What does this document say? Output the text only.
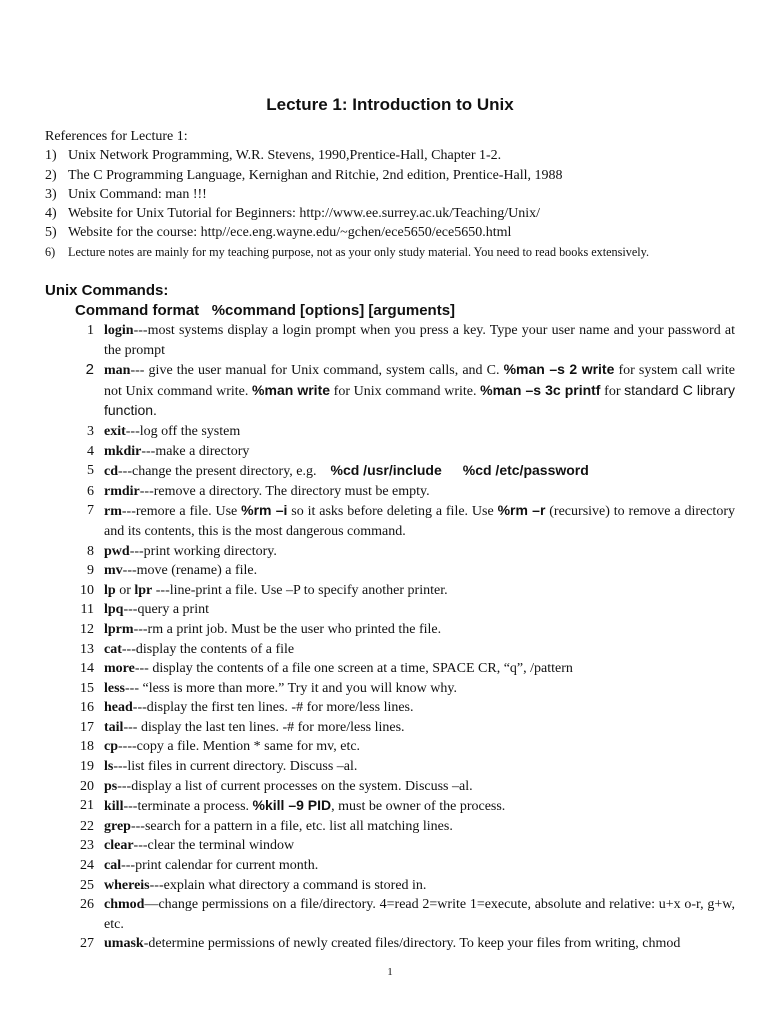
Lecture 1: Introduction to Unix
References for Lecture 1:
1) Unix Network Programming, W.R. Stevens, 1990,Prentice-Hall, Chapter 1-2.
2) The C Programming Language, Kernighan and Ritchie, 2nd edition, Prentice-Hall, 1988
3) Unix Command: man !!!
4) Website for Unix Tutorial for Beginners: http://www.ee.surrey.ac.uk/Teaching/Unix/
5) Website for the course: http//ece.eng.wayne.edu/~gchen/ece5650/ece5650.html
6)	Lecture notes are mainly for my teaching purpose, not as your only study material. You need to read books extensively.
Unix Commands:
Command format %command [options] [arguments]
1 login---most systems display a login prompt when you press a key. Type your user name and your password at the prompt
2 man--- give the user manual for Unix command, system calls, and C. %man –s 2 write for system call write not Unix command write. %man write for Unix command write. %man –s 3c printf for standard C library function.
3 exit---log off the system
4 mkdir---make a directory
5 cd---change the present directory, e.g.    %cd /usr/include %cd /etc/password
6 rmdir---remove a directory. The directory must be empty.
7 rm---remore a file. Use %rm –i so it asks before deleting a file. Use %rm –r (recursive) to remove a directory and its contents, this is the most dangerous command.
8 pwd---print working directory.
9 mv---move (rename) a file.
10 lp or lpr ---line-print a file. Use –P to specify another printer.
11 lpq---query a print
12 lprm---rm a print job. Must be the user who printed the file.
13 cat---display the contents of a file
14 more--- display the contents of a file one screen at a time, SPACE CR, “q”, /pattern
15 less--- “less is more than more.” Try it and you will know why.
16 head---display the first ten lines. -# for more/less lines.
17 tail--- display the last ten lines. -# for more/less lines.
18 cp----copy a file. Mention * same for mv, etc.
19 ls---list files in current directory. Discuss –al.
20 ps---display a list of current processes on the system. Discuss –al.
21 kill---terminate a process. %kill –9 PID, must be owner of the process.
22 grep---search for a pattern in a file, etc. list all matching lines.
23 clear---clear the terminal window
24 cal---print calendar for current month.
25 whereis---explain what directory a command is stored in.
26 chmod—change permissions on a file/directory. 4=read 2=write 1=execute, absolute and relative: u+x o-r, g+w, etc.
27 umask-determine permissions of newly created files/directory. To keep your files from writing, chmod
1
